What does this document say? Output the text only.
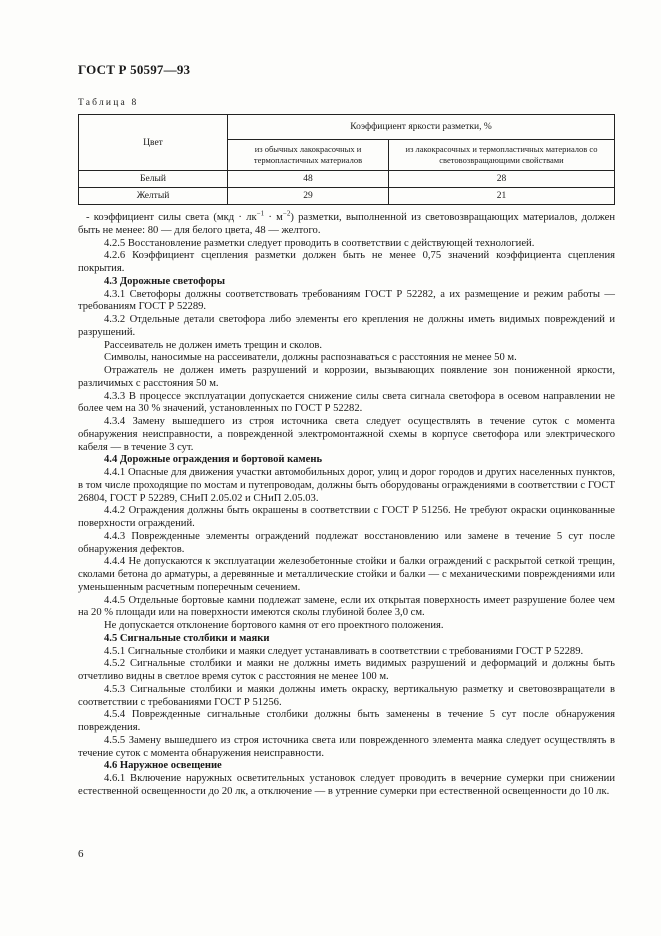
ГОСТ Р 50597—93
Таблица 8
Цвет	Коэффициент яркости разметки, %	
	из обычных лакокрасочных и термопластичных материалов	из лакокрасочных и термопластичных материалов со световозвращающими свойствами
Белый	48	28
Желтый	29	21

- коэффициент силы света $(мкд \cdot лк^{-1} \cdot м^{-2})$ разметки, выполненной из световозвращающих материалов, должен быть не менее: 80 — для белого цвета, 48 — желтого.

4.2.5 Восстановление разметки следует проводить в соответствии с действующей технологией.

4.2.6 Коэффициент сцепления разметки должен быть не менее 0,75 значений коэффициента сцепления покрытия.

4.3 Дорожные светофоры

4.3.1 Светофоры должны соответствовать требованиям ГОСТ Р 52282, а их размещение и режим работы — требованиям ГОСТ Р 52289.

4.3.2 Отдельные детали светофора либо элементы его крепления не должны иметь видимых повреждений и разрушений.

Рассеиватель не должен иметь трещин и сколов.

Символы, наносимые на рассеиватели, должны распознаваться с расстояния не менее 50 м.

Отражатель не должен иметь разрушений и коррозии, вызывающих появление зон пониженной яркости, различимых с расстояния 50 м.

4.3.3 В процессе эксплуатации допускается снижение силы света сигнала светофора в осевом направлении не более чем на 30 % значений, установленных по ГОСТ Р 52282.

4.3.4 Замену вышедшего из строя источника света следует осуществлять в течение суток с момента обнаружения неисправности, а поврежденной электромонтажной схемы в корпусе светофора или электрического кабеля — в течение 3 сут.

4.4 Дорожные ограждения и бортовой камень

4.4.1 Опасные для движения участки автомобильных дорог, улиц и дорог городов и других населенных пунктов, в том числе проходящие по мостам и путепроводам, должны быть оборудованы ограждениями в соответствии с ГОСТ 26804, ГОСТ Р 52289, СНиП 2.05.02 и СНиП 2.05.03.

4.4.2 Ограждения должны быть окрашены в соответствии с ГОСТ Р 51256. Не требуют окраски оцинкованные поверхности ограждений.

4.4.3 Поврежденные элементы ограждений подлежат восстановлению или замене в течение 5 сут после обнаружения дефектов.

4.4.4 Не допускаются к эксплуатации железобетонные стойки и балки ограждений с раскрытой сеткой трещин, сколами бетона до арматуры, а деревянные и металлические стойки и балки — с механическими повреждениями или уменьшенным расчетным поперечным сечением.

4.4.5 Отдельные бортовые камни подлежат замене, если их открытая поверхность имеет разрушение более чем на 20 % площади или на поверхности имеются сколы глубиной более 3,0 см.

Не допускается отклонение бортового камня от его проектного положения.

4.5 Сигнальные столбики и маяки

4.5.1 Сигнальные столбики и маяки следует устанавливать в соответствии с требованиями ГОСТ Р 52289.

4.5.2 Сигнальные столбики и маяки не должны иметь видимых разрушений и деформаций и должны быть отчетливо видны в светлое время суток с расстояния не менее 100 м.

4.5.3 Сигнальные столбики и маяки должны иметь окраску, вертикальную разметку и световозвращатели в соответствии с требованиями ГОСТ Р 51256.

4.5.4 Поврежденные сигнальные столбики должны быть заменены в течение 5 сут после обнаружения повреждения.

4.5.5 Замену вышедшего из строя источника света или поврежденного элемента маяка следует осуществлять в течение суток с момента обнаружения неисправности.

4.6 Наружное освещение

4.6.1 Включение наружных осветительных установок следует проводить в вечерние сумерки при снижении естественной освещенности до 20 лк, а отключение — в утренние сумерки при естественной освещенности до 10 лк.

6
